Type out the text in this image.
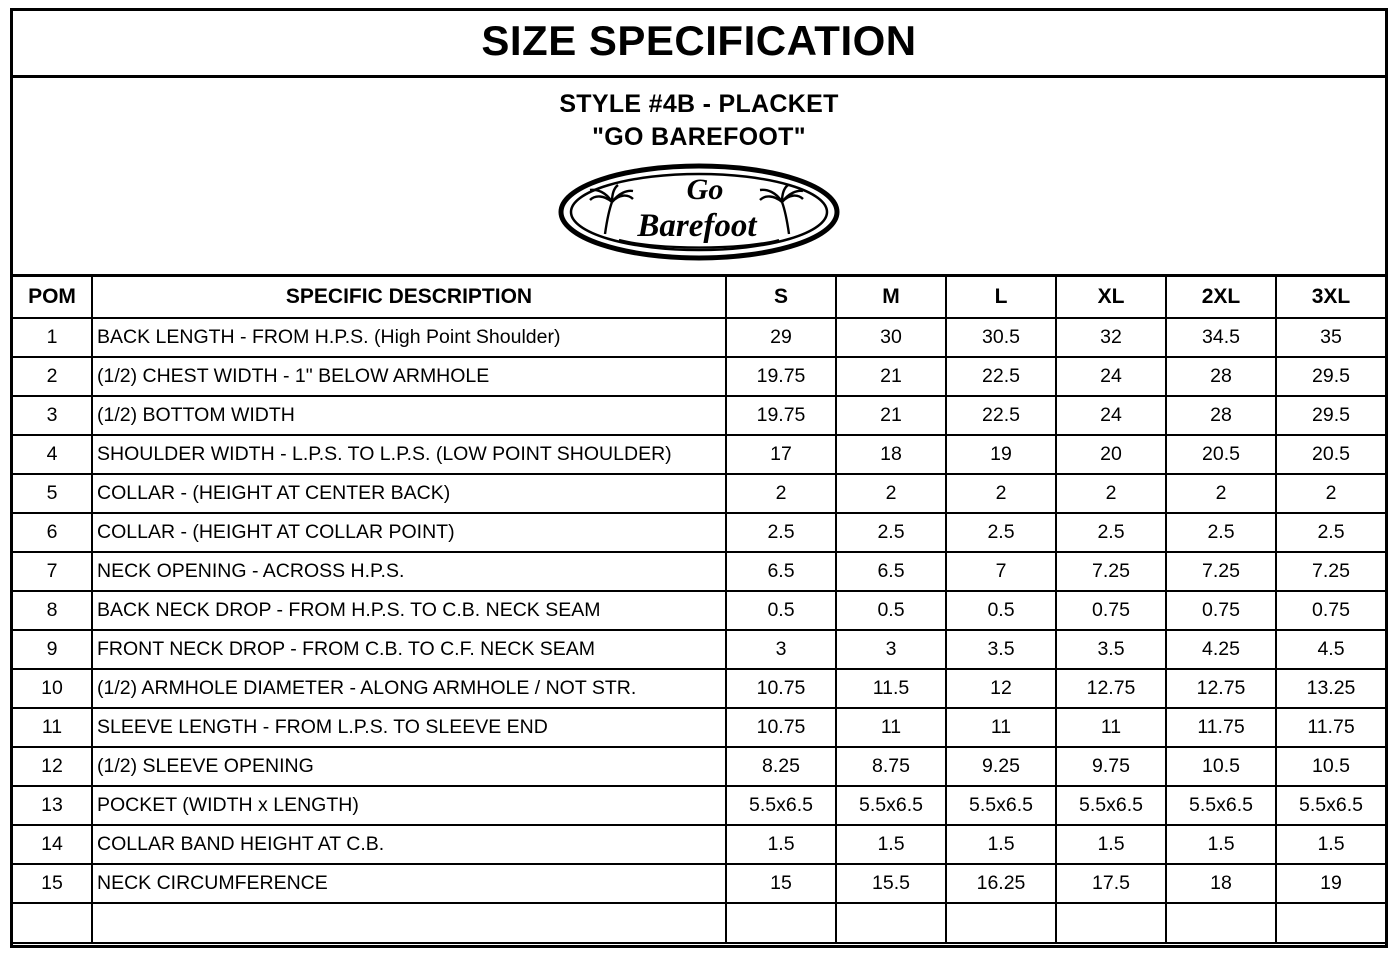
SIZE SPECIFICATION
STYLE #4B - PLACKET
"GO BAREFOOT"
Go
Barefoot
POM	SPECIFIC DESCRIPTION	S	M	L	XL	2XL	3XL
1	BACK LENGTH - FROM H.P.S. (High Point Shoulder)	29	30	30.5	32	34.5	35
2	(1/2) CHEST WIDTH - 1" BELOW ARMHOLE	19.75	21	22.5	24	28	29.5
3	(1/2) BOTTOM WIDTH	19.75	21	22.5	24	28	29.5
4	SHOULDER WIDTH - L.P.S. TO L.P.S. (LOW POINT SHOULDER)	17	18	19	20	20.5	20.5
5	COLLAR - (HEIGHT AT CENTER BACK)	2	2	2	2	2	2
6	COLLAR - (HEIGHT AT COLLAR POINT)	2.5	2.5	2.5	2.5	2.5	2.5
7	NECK OPENING - ACROSS H.P.S.	6.5	6.5	7	7.25	7.25	7.25
8	BACK NECK DROP - FROM H.P.S. TO C.B. NECK SEAM	0.5	0.5	0.5	0.75	0.75	0.75
9	FRONT NECK DROP - FROM C.B. TO C.F. NECK SEAM	3	3	3.5	3.5	4.25	4.5
10	(1/2) ARMHOLE DIAMETER - ALONG ARMHOLE / NOT STR.	10.75	11.5	12	12.75	12.75	13.25
11	SLEEVE LENGTH - FROM L.P.S. TO SLEEVE END	10.75	11	11	11	11.75	11.75
12	(1/2) SLEEVE OPENING	8.25	8.75	9.25	9.75	10.5	10.5
13	POCKET (WIDTH x LENGTH)	5.5x6.5	5.5x6.5	5.5x6.5	5.5x6.5	5.5x6.5	5.5x6.5
14	COLLAR BAND HEIGHT AT C.B.	1.5	1.5	1.5	1.5	1.5	1.5
15	NECK CIRCUMFERENCE	15	15.5	16.25	17.5	18	19
